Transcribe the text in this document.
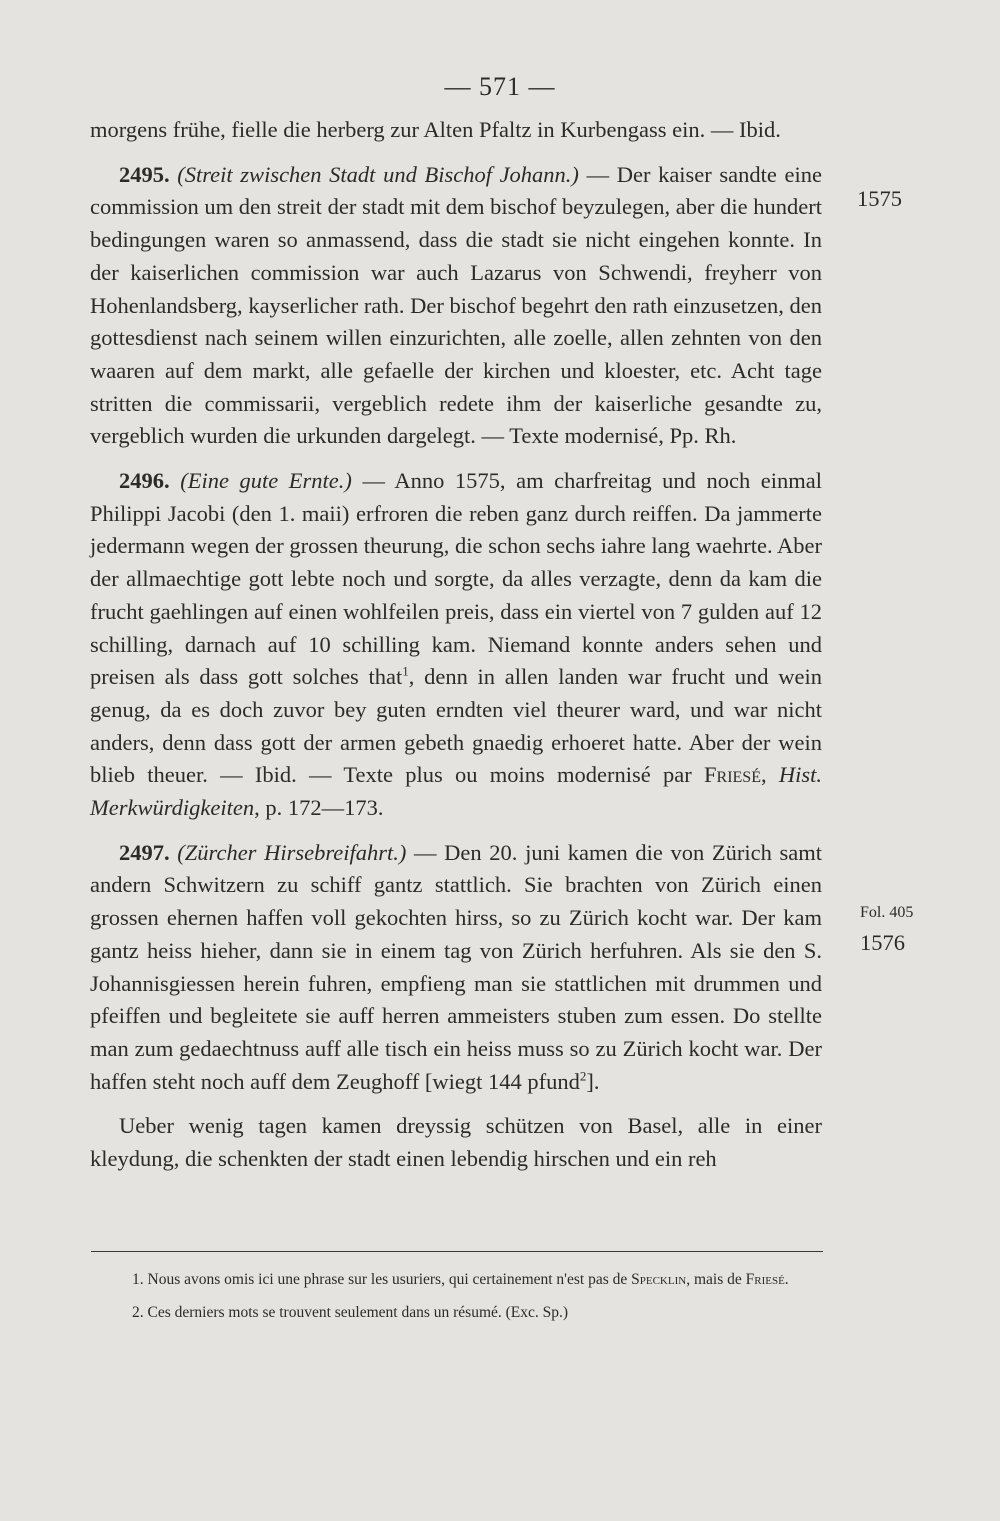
— 571 —
1575
Fol. 405
1576

morgens frühe, fielle die herberg zur Alten Pfaltz in Kurbengass ein. — Ibid.

2495. (Streit zwischen Stadt und Bischof Johann.) — Der kaiser sandte eine commission um den streit der stadt mit dem bischof beyzulegen, aber die hundert bedingungen waren so anmassend, dass die stadt sie nicht eingehen konnte. In der kaiserlichen commission war auch Lazarus von Schwendi, freyherr von Hohenlandsberg, kayserlicher rath. Der bischof begehrt den rath einzusetzen, den gottesdienst nach seinem willen einzurichten, alle zoelle, allen zehnten von den waaren auf dem markt, alle gefaelle der kirchen und kloester, etc. Acht tage stritten die commissarii, vergeblich redete ihm der kaiserliche gesandte zu, vergeblich wurden die urkunden dargelegt. — Texte modernisé, Pp. Rh.

2496. (Eine gute Ernte.) — Anno 1575, am charfreitag und noch einmal Philippi Jacobi (den 1. maii) erfroren die reben ganz durch reiffen. Da jammerte jedermann wegen der grossen theurung, die schon sechs iahre lang waehrte. Aber der allmaechtige gott lebte noch und sorgte, da alles verzagte, denn da kam die frucht gaehlingen auf einen wohlfeilen preis, dass ein viertel von 7 gulden auf 12 schilling, darnach auf 10 schilling kam. Niemand konnte anders sehen und preisen als dass gott solches that$^1$, denn in allen landen war frucht und wein genug, da es doch zuvor bey guten erndten viel theurer ward, und war nicht anders, denn dass gott der armen gebeth gnaedig erhoeret hatte. Aber der wein blieb theuer. — Ibid. — Texte plus ou moins modernisé par Friesé, Hist. Merkwürdigkeiten, p. 172—173.

2497. (Zürcher Hirsebreifahrt.) — Den 20. juni kamen die von Zürich samt andern Schwitzern zu schiff gantz stattlich. Sie brachten von Zürich einen grossen ehernen haffen voll gekochten hirss, so zu Zürich kocht war. Der kam gantz heiss hieher, dann sie in einem tag von Zürich herfuhren. Als sie den S. Johannisgiessen herein fuhren, empfieng man sie stattlichen mit drummen und pfeiffen und begleitete sie auff herren ammeisters stuben zum essen. Do stellte man zum gedaechtnuss auff alle tisch ein heiss muss so zu Zürich kocht war. Der haffen steht noch auff dem Zeughoff [wiegt 144 pfund$^2$].

Ueber wenig tagen kamen dreyssig schützen von Basel, alle in einer kleydung, die schenkten der stadt einen lebendig hirschen und ein reh

1. Nous avons omis ici une phrase sur les usuriers, qui certainement n'est pas de Specklin, mais de Friesé.

2. Ces derniers mots se trouvent seulement dans un résumé. (Exc. Sp.)
